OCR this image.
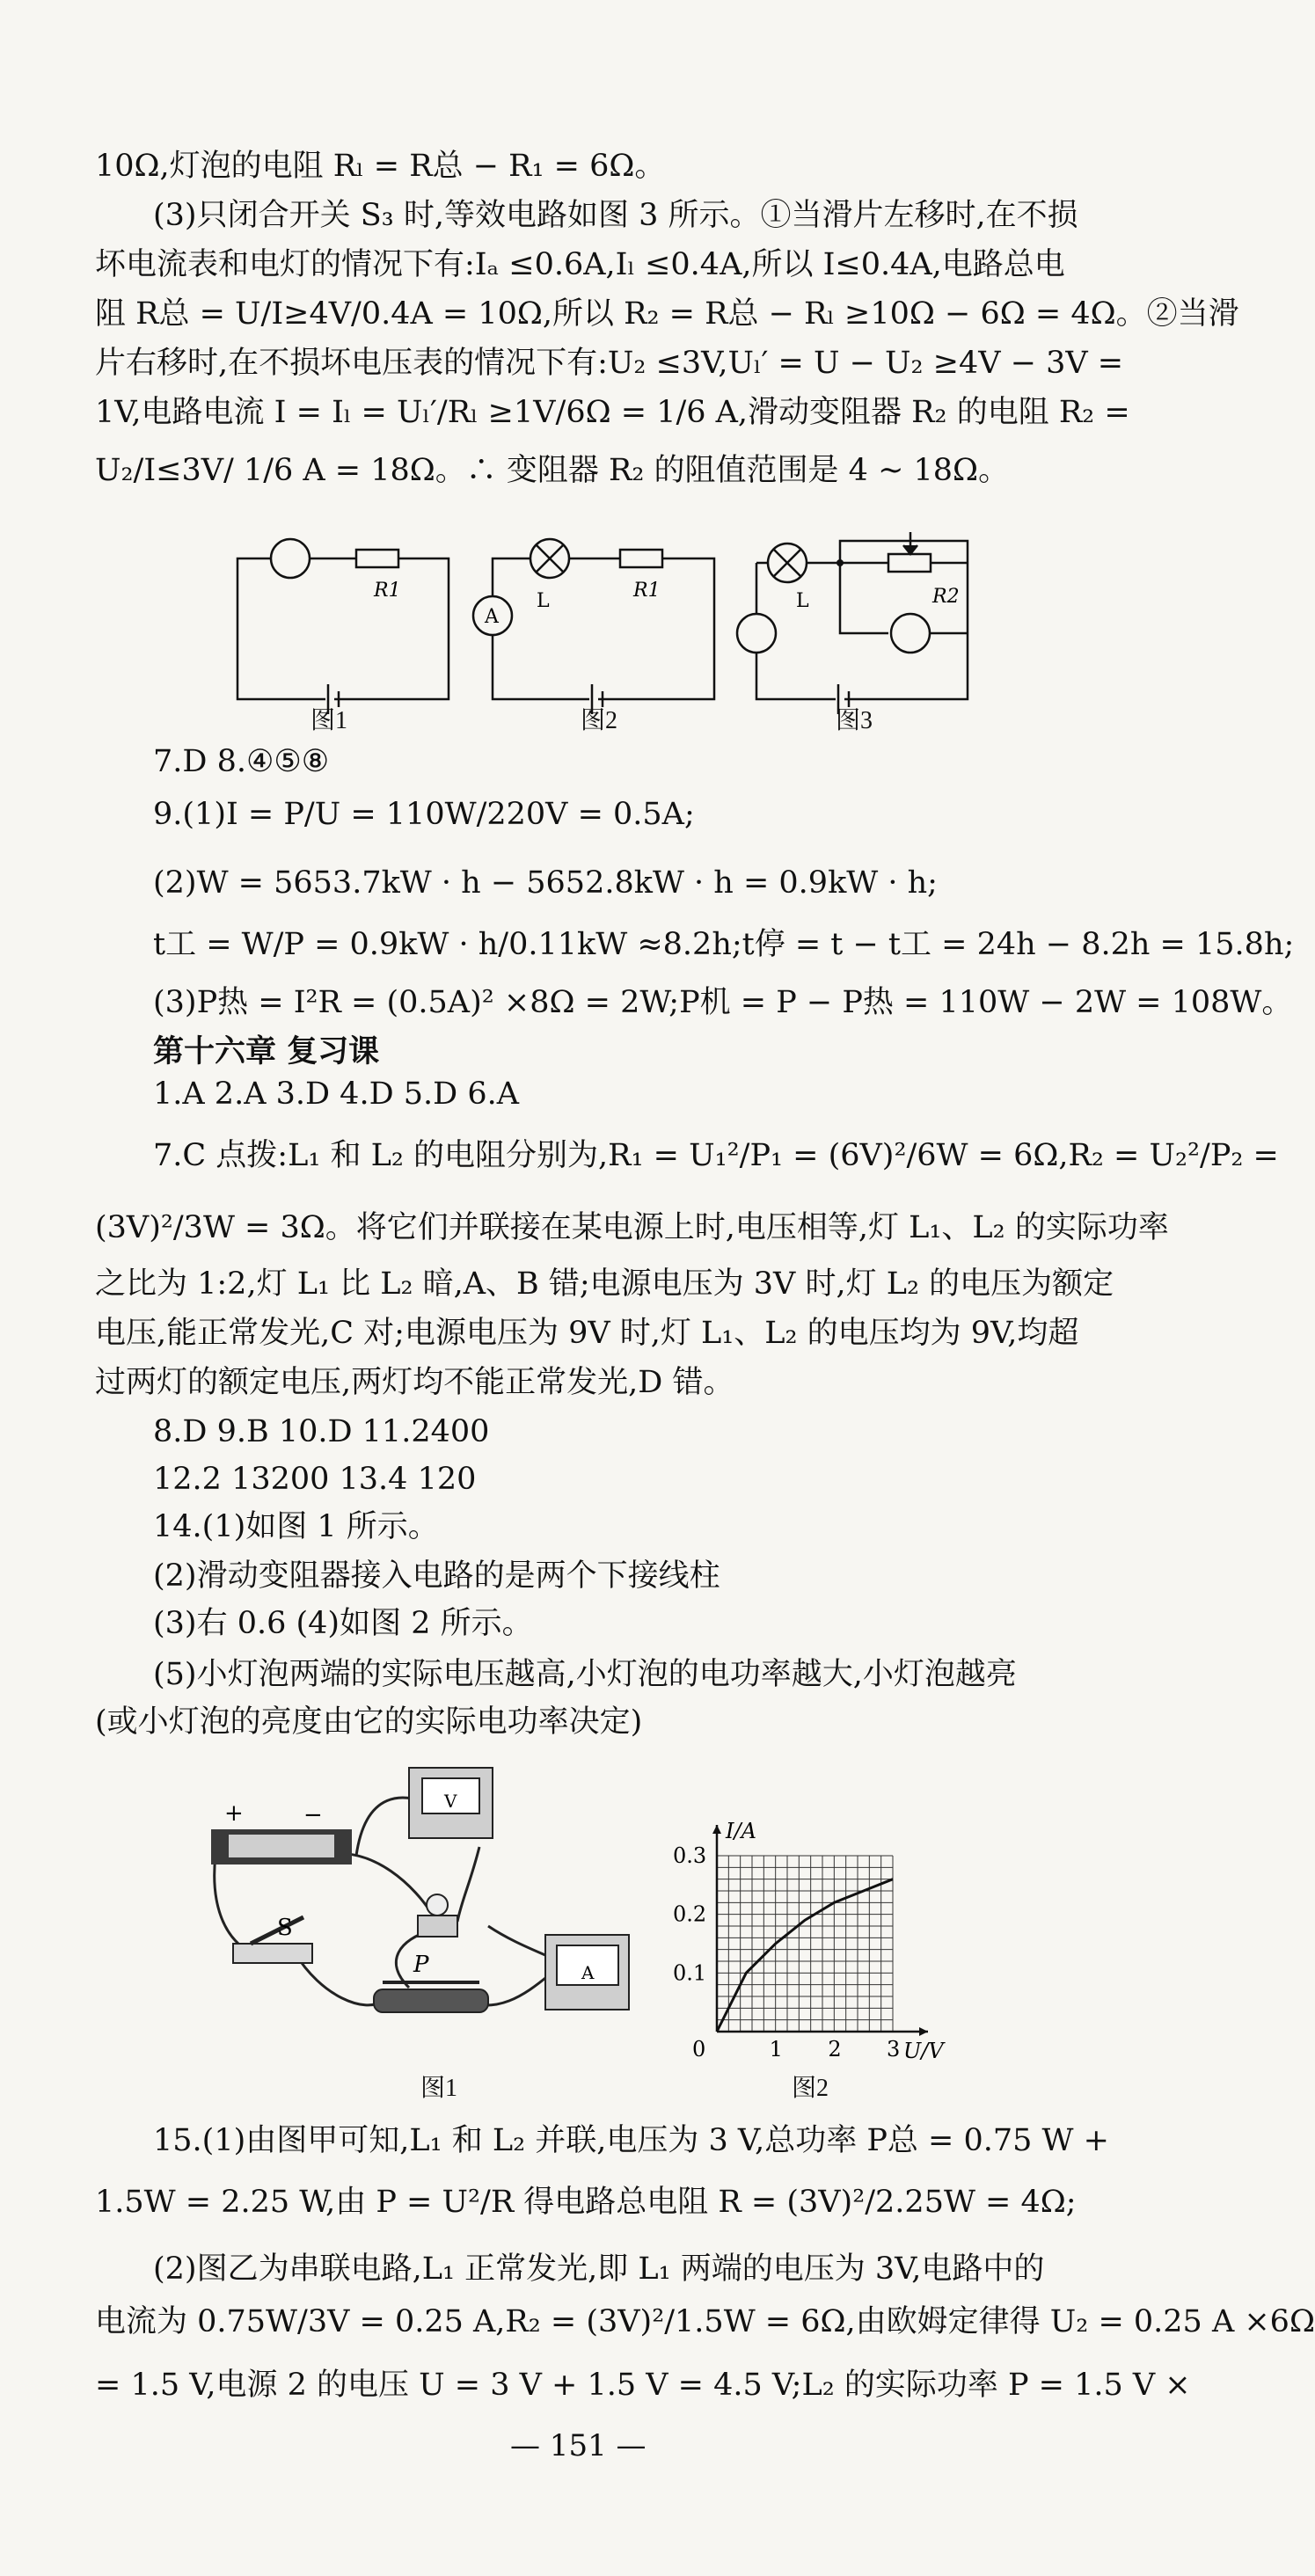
10Ω,灯泡的电阻 Rₗ = R总 − R₁ = 6Ω。
(3)只闭合开关 S₃ 时,等效电路如图 3 所示。①当滑片左移时,在不损
坏电流表和电灯的情况下有:Iₐ ≤0.6A,Iₗ ≤0.4A,所以 I≤0.4A,电路总电
阻 R总 = U/I≥4V/0.4A = 10Ω,所以 R₂ = R总 − Rₗ ≥10Ω − 6Ω = 4Ω。②当滑
片右移时,在不损坏电压表的情况下有:U₂ ≤3V,Uₗ′ = U − U₂ ≥4V − 3V =
1V,电路电流 I = Iₗ = Uₗ′/Rₗ ≥1V/6Ω = 1/6 A,滑动变阻器 R₂ 的电阻 R₂ =
U₂/I≤3V/ 1/6 A = 18Ω。∴ 变阻器 R₂ 的阻值范围是 4 ~ 18Ω。
R1	R1
L
A
L	R2
图1	图2	图3
7.D 8.④⑤⑧
9.(1)I = P/U = 110W/220V = 0.5A;
(2)W = 5653.7kW · h − 5652.8kW · h = 0.9kW · h;
t工 = W/P = 0.9kW · h/0.11kW ≈8.2h;t停 = t − t工 = 24h − 8.2h = 15.8h;
(3)P热 = I²R = (0.5A)² ×8Ω = 2W;P机 = P − P热 = 110W − 2W = 108W。
第十六章 复习课
1.A 2.A 3.D 4.D 5.D 6.A
7.C 点拨:L₁ 和 L₂ 的电阻分别为,R₁ = U₁²/P₁ = (6V)²/6W = 6Ω,R₂ = U₂²/P₂ =
(3V)²/3W = 3Ω。将它们并联接在某电源上时,电压相等,灯 L₁、L₂ 的实际功率
之比为 1:2,灯 L₁ 比 L₂ 暗,A、B 错;电源电压为 3V 时,灯 L₂ 的电压为额定
电压,能正常发光,C 对;电源电压为 9V 时,灯 L₁、L₂ 的电压均为 9V,均超
过两灯的额定电压,两灯均不能正常发光,D 错。
8.D 9.B 10.D 11.2400
12.2 13200 13.4 120
14.(1)如图 1 所示。
(2)滑动变阻器接入电路的是两个下接线柱
(3)右 0.6 (4)如图 2 所示。
(5)小灯泡两端的实际电压越高,小灯泡的电功率越大,小灯泡越亮
(或小灯泡的亮度由它的实际电功率决定)
+	−
S
V
P	A
图1
1 2 3
0.1
0.2
0.3
U/V
I/A
0
图2
15.(1)由图甲可知,L₁ 和 L₂ 并联,电压为 3 V,总功率 P总 = 0.75 W +
1.5W = 2.25 W,由 P = U²/R 得电路总电阻 R = (3V)²/2.25W = 4Ω;
(2)图乙为串联电路,L₁ 正常发光,即 L₁ 两端的电压为 3V,电路中的
电流为 0.75W/3V = 0.25 A,R₂ = (3V)²/1.5W = 6Ω,由欧姆定律得 U₂ = 0.25 A ×6Ω
= 1.5 V,电源 2 的电压 U = 3 V + 1.5 V = 4.5 V;L₂ 的实际功率 P = 1.5 V ×
— 151 —
